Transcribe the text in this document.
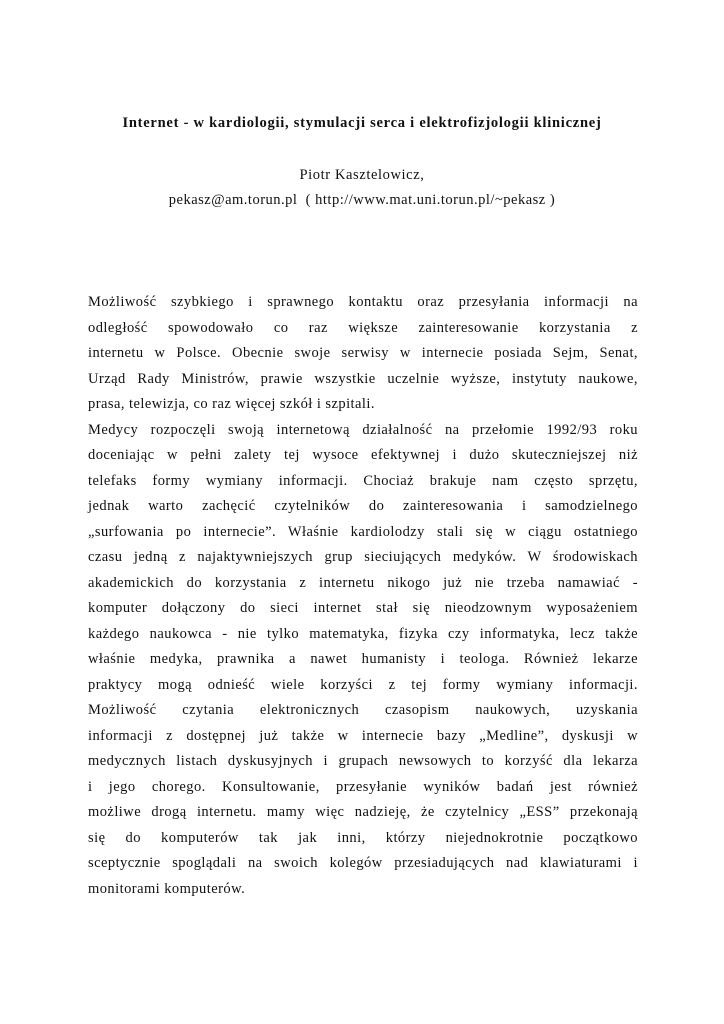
Internet - w kardiologii, stymulacji serca i elektrofizjologii klinicznej

Piotr Kasztelowicz,

pekasz@am.torun.pl  ( http://www.mat.uni.torun.pl/~pekasz )

Możliwość szybkiego i sprawnego kontaktu oraz przesyłania informacji na
odległość spowodowało co raz większe zainteresowanie korzystania z
internetu w Polsce. Obecnie swoje serwisy w internecie posiada Sejm, Senat,
Urząd Rady Ministrów, prawie wszystkie uczelnie wyższe, instytuty naukowe,
prasa, telewizja, co raz więcej szkół i szpitali.
Medycy rozpoczęli swoją internetową działalność na przełomie 1992/93 roku
doceniając w pełni zalety tej wysoce efektywnej i dużo skuteczniejszej niż
telefaks formy wymiany informacji. Chociaż brakuje nam często sprzętu,
jednak warto zachęcić czytelników do zainteresowania i samodzielnego
„surfowania po internecie”. Właśnie kardiolodzy stali się w ciągu ostatniego
czasu jedną z najaktywniejszych grup sieciujących medyków. W środowiskach
akademickich do korzystania z internetu nikogo już nie trzeba namawiać -
komputer dołączony do sieci internet stał się nieodzownym wyposażeniem
każdego naukowca - nie tylko matematyka, fizyka czy informatyka, lecz także
właśnie medyka, prawnika a nawet humanisty i teologa. Również lekarze
praktycy mogą odnieść wiele korzyści z tej formy wymiany informacji.
Możliwość czytania elektronicznych czasopism naukowych, uzyskania
informacji z dostępnej już także w internecie bazy „Medline”, dyskusji w
medycznych listach dyskusyjnych i grupach newsowych to korzyść dla lekarza
i jego chorego. Konsultowanie, przesyłanie wyników badań jest również
możliwe drogą internetu. mamy więc nadzieję, że czytelnicy „ESS” przekonają
się do komputerów tak jak inni, którzy niejednokrotnie początkowo
sceptycznie spoglądali na swoich kolegów przesiadujących nad klawiaturami i
monitorami komputerów.
